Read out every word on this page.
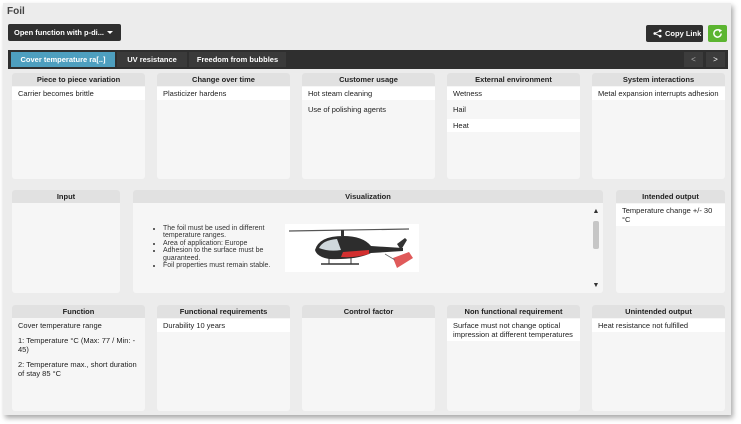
Foil
Open function with p-di...	Copy Link
Cover temperature ra[..]	UV resistance	Freedom from bubbles	<	>
Piece to piece variation
Carrier becomes brittle
Change over time
Plasticizer hardens
Customer usage
Hot steam cleaning
Use of polishing agents
External environment
Wetness
Hail
Heat
System interactions
Metal expansion interrupts adhesion
Input	Visualization
• The foil must be used in different temperature ranges.
• Area of application: Europe
• Adhesion to the surface must be guaranteed.
• Foil properties must remain stable.
▲
▼
Intended output
Temperature change +/- 30 °C
Function
Cover temperature range
1: Temperature °C (Max: 77 / Min: - 45)
2: Temperature max., short duration of stay 85 °C
Functional requirements
Durability 10 years
Control factor	Non functional requirement
Surface must not change optical impression at different temperatures
Unintended output
Heat resistance not fulfilled
